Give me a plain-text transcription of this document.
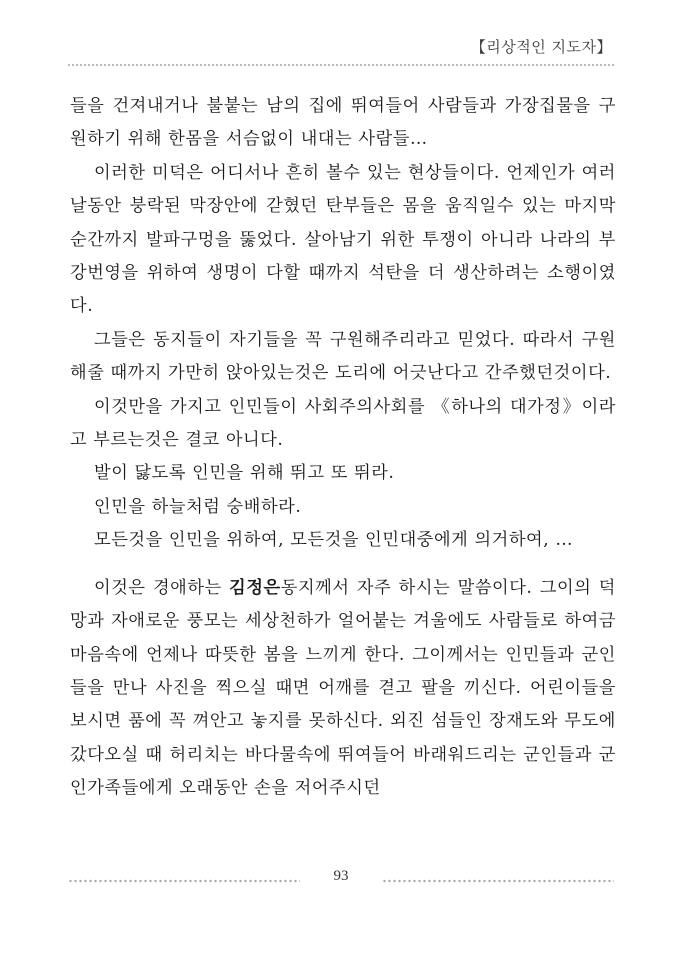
【리상적인 지도자】

들을 건져내거나 불붙는 남의 집에 뛰여들어 사람들과 가장집물을 구원하기 위해 한몸을 서슴없이 내대는 사람들…

이러한 미덕은 어디서나 흔히 볼수 있는 현상들이다. 언제인가 여러날동안 붕락된 막장안에 갇혔던 탄부들은 몸을 움직일수 있는 마지막순간까지 발파구멍을 뚫었다. 살아남기 위한 투쟁이 아니라 나라의 부강번영을 위하여 생명이 다할 때까지 석탄을 더 생산하려는 소행이였다.

그들은 동지들이 자기들을 꼭 구원해주리라고 믿었다. 따라서 구원해줄 때까지 가만히 앉아있는것은 도리에 어긋난다고 간주했던것이다.

이것만을 가지고 인민들이 사회주의사회를 《하나의 대가정》이라고 부르는것은 결코 아니다.

발이 닳도록 인민을 위해 뛰고 또 뛰라.

인민을 하늘처럼 숭배하라.

모든것을 인민을 위하여, 모든것을 인민대중에게 의거하여, …

이것은 경애하는 김정은동지께서 자주 하시는 말씀이다. 그이의 덕망과 자애로운 풍모는 세상천하가 얼어붙는 겨울에도 사람들로 하여금 마음속에 언제나 따뜻한 봄을 느끼게 한다. 그이께서는 인민들과 군인들을 만나 사진을 찍으실 때면 어깨를 겯고 팔을 끼신다. 어린이들을 보시면 품에 꼭 껴안고 놓지를 못하신다. 외진 섬들인 장재도와 무도에 갔다오실 때 허리치는 바다물속에 뛰여들어 바래워드리는 군인들과 군인가족들에게 오래동안 손을 저어주시던

93
